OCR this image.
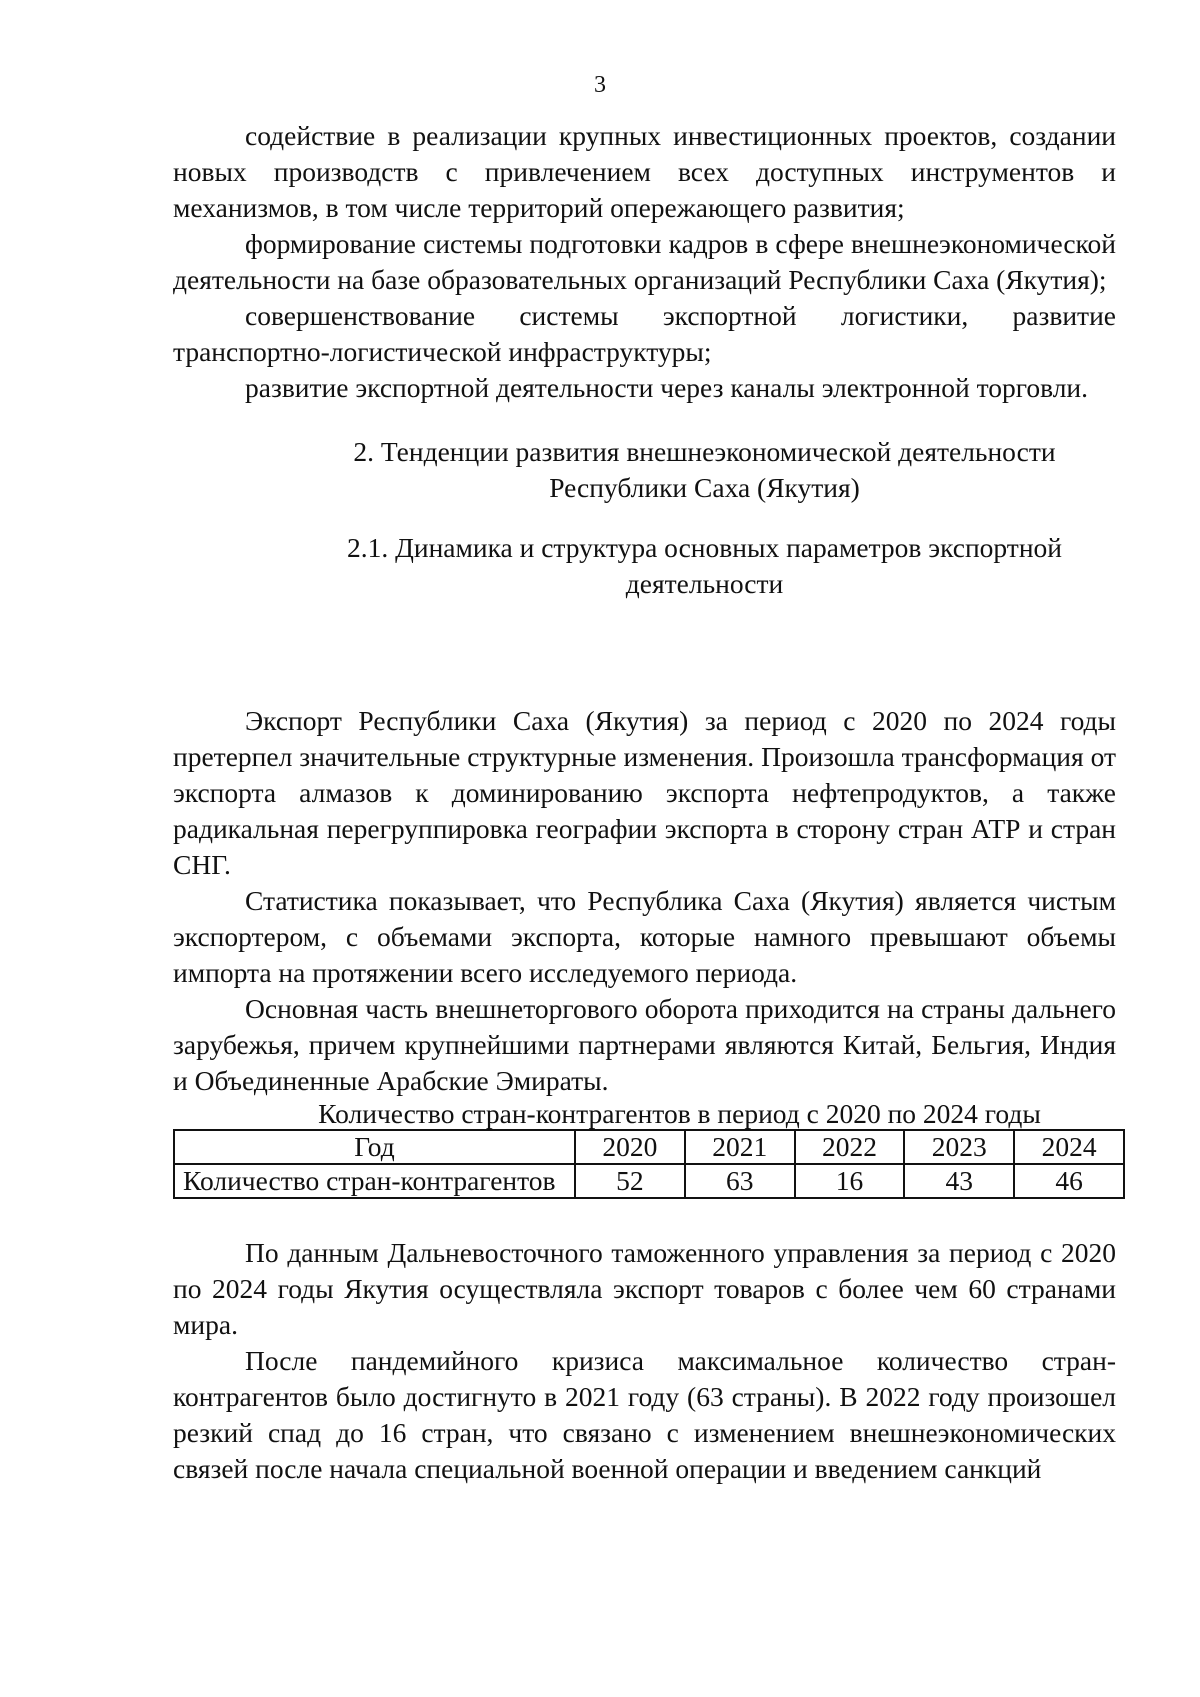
3

содействие в реализации крупных инвестиционных проектов, создании новых производств с привлечением всех доступных инструментов и механизмов, в том числе территорий опережающего развития;

формирование системы подготовки кадров в сфере внешнеэкономической деятельности на базе образовательных организаций Республики Саха (Якутия);

совершенствование системы экспортной логистики, развитие транспортно-логистической инфраструктуры;

развитие экспортной деятельности через каналы электронной торговли.

2. Тенденции развития внешнеэкономической деятельности
Республики Саха (Якутия)
2.1. Динамика и структура основных параметров экспортной
деятельности

Экспорт Республики Саха (Якутия) за период с 2020 по 2024 годы претерпел значительные структурные изменения. Произошла трансформация от экспорта алмазов к доминированию экспорта нефтепродуктов, а также радикальная перегруппировка географии экспорта в сторону стран АТР и стран СНГ.

Статистика показывает, что Республика Саха (Якутия) является чистым экспортером, с объемами экспорта, которые намного превышают объемы импорта на протяжении всего исследуемого периода.

Основная часть внешнеторгового оборота приходится на страны дальнего зарубежья, причем крупнейшими партнерами являются Китай, Бельгия, Индия и Объединенные Арабские Эмираты.

Количество стран-контрагентов в период с 2020 по 2024 годы
Год	2020	2021	2022	2023	2024
Количество стран-контрагентов	52	63	16	43	46

По данным Дальневосточного таможенного управления за период с 2020 по 2024 годы Якутия осуществляла экспорт товаров с более чем 60 странами мира.

После пандемийного кризиса максимальное количество стран-контрагентов было достигнуто в 2021 году (63 страны). В 2022 году произошел резкий спад до 16 стран, что связано с изменением внешнеэкономических связей после начала специальной военной операции и введением санкций
